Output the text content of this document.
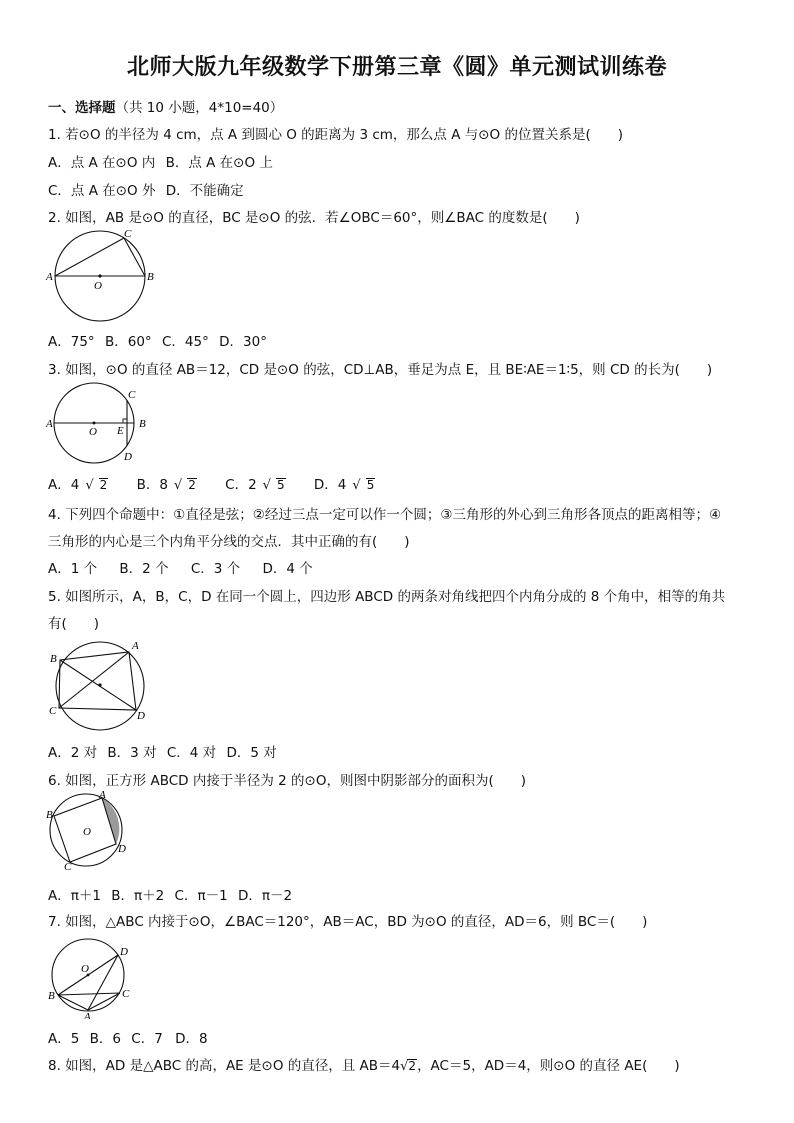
北师大版九年级数学下册第三章《圆》单元测试训练卷
一、选择题（共 10 小题，4*10=40）
1. 若⊙O 的半径为 4 cm，点 A 到圆心 O 的距离为 3 cm，那么点 A 与⊙O 的位置关系是(　　)
A．点 A 在⊙O 内 B．点 A 在⊙O 上
C．点 A 在⊙O 外 D．不能确定
2. 如图，AB 是⊙O 的直径，BC 是⊙O 的弦．若∠OBC＝60°，则∠BAC 的度数是(　　)
A	B
C
O
A．75° B．60° C．45° D．30°
3. 如图，⊙O 的直径 AB＝12，CD 是⊙O 的弦，CD⊥AB，垂足为点 E，且 BE∶AE＝1∶5，则 CD 的长为(　　)
A	B
C
D
E
O
A．4 √ 2 B．8 √ 2 C．2 √ 5 D．4 √ 5
4. 下列四个命题中：①直径是弦；②经过三点一定可以作一个圆；③三角形的外心到三角形各顶点的距离相等；④
三角形的内心是三个内角平分线的交点．其中正确的有(　　)
A．1 个 B．2 个 C．3 个 D．4 个
5. 如图所示，A，B，C，D 在同一个圆上，四边形 ABCD 的两条对角线把四个内角分成的 8 个角中，相等的角共
有(　　)
A
B
C	D
A．2 对 B．3 对 C．4 对 D．5 对
6. 如图，正方形 ABCD 内接于半径为 2 的⊙O，则图中阴影部分的面积为(　　)
A
B
C
D
O
A．π＋1 B．π＋2 C．π－1 D．π－2
7. 如图，△ABC 内接于⊙O，∠BAC＝120°，AB＝AC，BD 为⊙O 的直径，AD＝6，则 BC＝(　　)
A
B	C
D
O
A．5 B．6 C．7 D．8
8. 如图，AD 是△ABC 的高，AE 是⊙O 的直径，且 AB＝4√2，AC＝5，AD＝4，则⊙O 的直径 AE(　　)
